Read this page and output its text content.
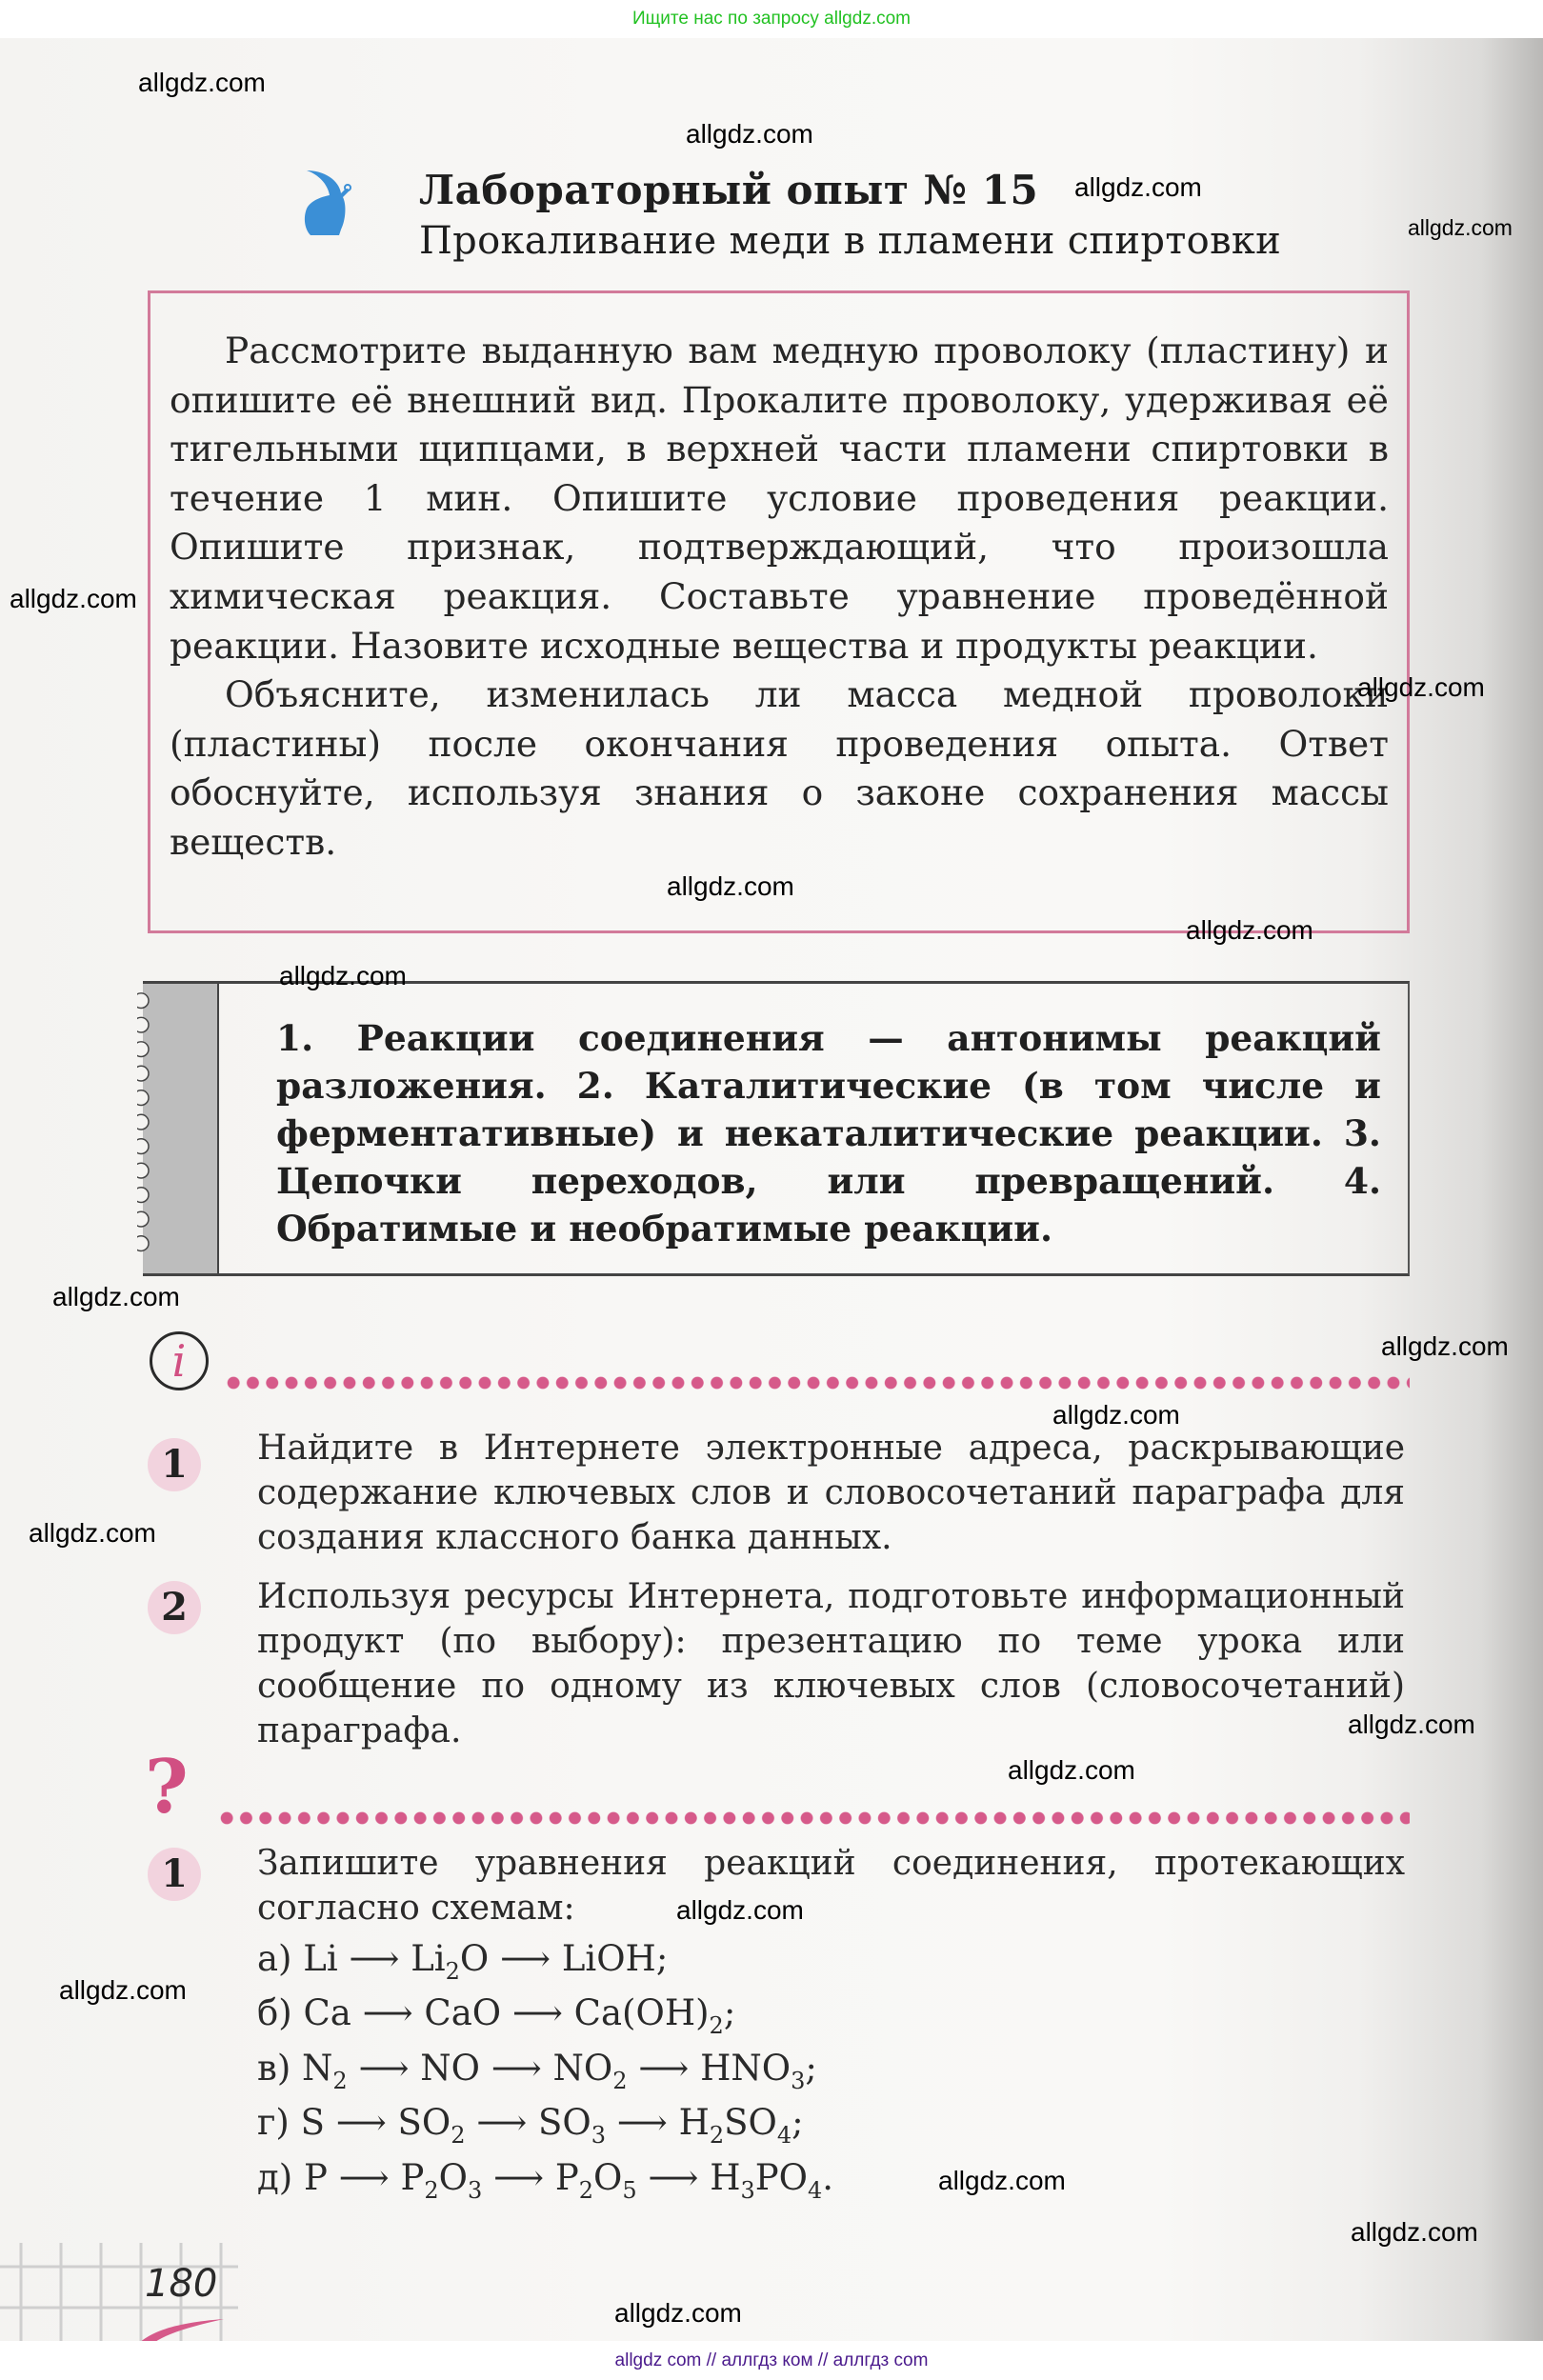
Ищите нас по запросу allgdz.com
Лабораторный опыт № 15
Прокаливание меди в пламени спиртовки

Рассмотрите выданную вам медную проволоку (пластину) и опишите её внешний вид. Прокалите проволоку, удерживая её тигельными щипцами, в верхней части пламени спиртовки в течение 1 мин. Опишите условие проведения реакции. Опишите признак, подтверждающий, что произошла химическая реакция. Составьте уравнение проведённой реакции. Назовите исходные вещества и продукты реакции.

Объясните, изменилась ли масса медной проволоки (пластины) после окончания проведения опыта. Ответ обоснуйте, используя знания о законе сохранения массы веществ.

1. Реакции соединения — антонимы реакций разложения. 2. Каталитические (в том числе и ферментативные) и некаталитические реакции. 3. Цепочки переходов, или превращений. 4. Обратимые и необратимые реакции.
i
1	Найдите в Интернете электронные адреса, раскрывающие содержание ключевых слов и словосочетаний параграфа для создания классного банка данных.
2	Используя ресурсы Интернета, подготовьте информационный продукт (по выбору): презентацию по теме урока или сообщение по одному из ключевых слов (словосочетаний) параграфа.
?
1	Запишите уравнения реакций соединения, протекающих согласно схемам:
а) Li ⟶ $Li_2O$ ⟶ LiOH;
б) Ca ⟶ CaO ⟶ $Ca(OH)_2$;
в) $N_2$ ⟶ NO ⟶ $NO_2$ ⟶ $HNO_3$;
г) S ⟶ $SO_2$ ⟶ $SO_3$ ⟶ $H_2SO_4$;
д) P ⟶ $P_2O_3$ ⟶ $P_2O_5$ ⟶ $H_3PO_4$.
180
allgdz.com
allgdz.com
allgdz.com
allgdz.com
allgdz.com
allgdz.com
allgdz.com
allgdz.com
allgdz.com
allgdz.com
allgdz.com
allgdz.com
allgdz.com
allgdz.com
allgdz.com
allgdz.com
allgdz.com
allgdz.com
allgdz.com
allgdz.com
allgdz com // аллгдз ком // аллгдз com
